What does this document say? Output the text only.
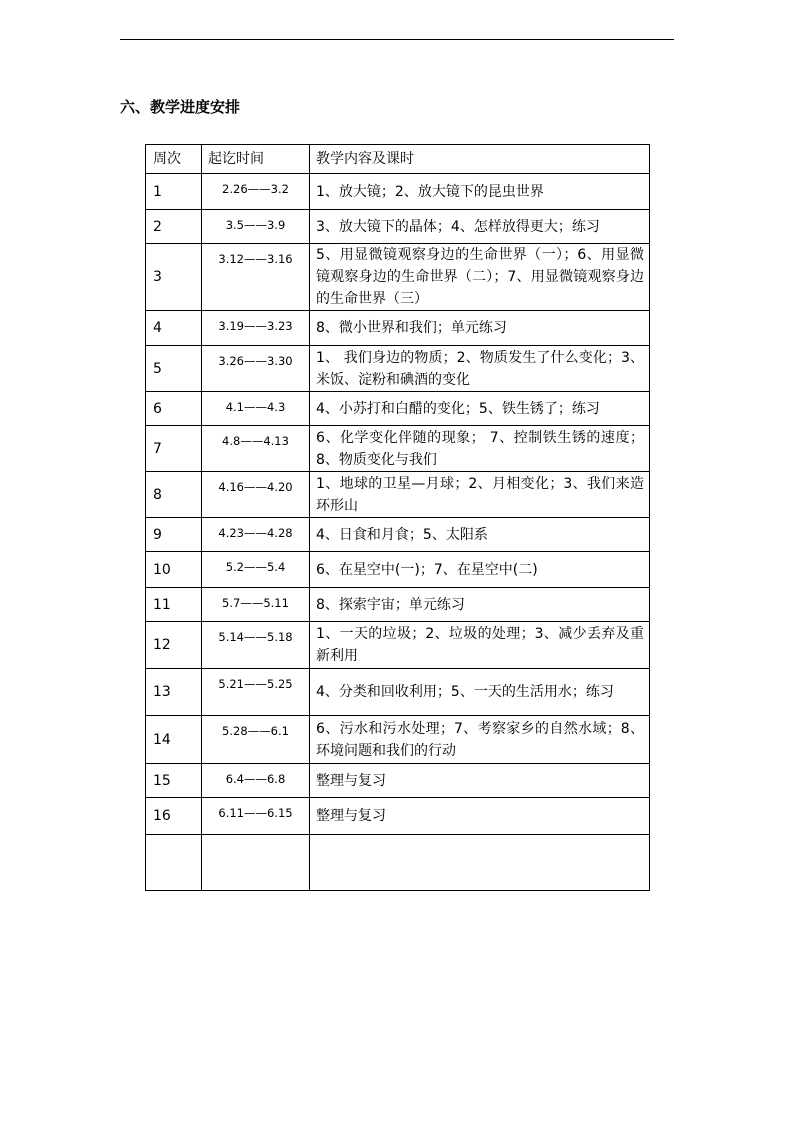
六、教学进度安排
周次	起讫时间	教学内容及课时
1	2.26——3.2	1、放大镜；2、放大镜下的昆虫世界
2	3.5——3.9	3、放大镜下的晶体；4、怎样放得更大；练习
3	3.12——3.16	5、用显微镜观察身边的生命世界（一）；6、用显微镜观察身边的生命世界（二）；7、用显微镜观察身边的生命世界（三）
4	3.19——3.23	8、微小世界和我们；单元练习
5	3.26——3.30	1、 我们身边的物质；2、物质发生了什么变化；3、米饭、淀粉和碘酒的变化
6	4.1——4.3	4、小苏打和白醋的变化；5、铁生锈了；练习
7	4.8——4.13	6、化学变化伴随的现象； 7、控制铁生锈的速度；8、物质变化与我们
8	4.16——4.20	1、地球的卫星—月球；2、月相变化；3、我们来造环形山
9	4.23——4.28	4、日食和月食；5、太阳系
10	5.2——5.4	6、在星空中(一)；7、在星空中(二)
11	5.7——5.11	8、探索宇宙；单元练习
12	5.14——5.18	1、一天的垃圾；2、垃圾的处理；3、减少丢弃及重新利用
13	5.21——5.25	4、分类和回收利用；5、一天的生活用水；练习
14	5.28——6.1	6、污水和污水处理；7、考察家乡的自然水域；8、环境问题和我们的行动
15	6.4——6.8	整理与复习
16	6.11——6.15	整理与复习
